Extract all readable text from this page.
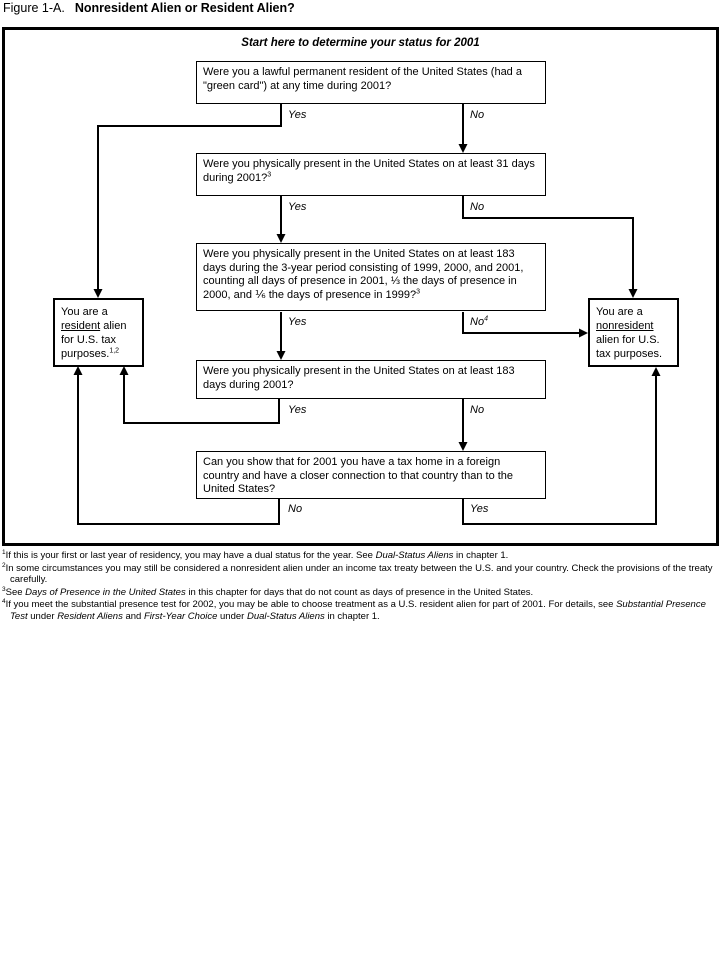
Figure 1-A. Nonresident Alien or Resident Alien?
Start here to determine your status for 2001
Were you a lawful permanent resident of the United States (had a "green card") at any time during 2001?
Were you physically present in the United States on at least 31 days during 2001?$^3$
Were you physically present in the United States on at least 183 days during the 3-year period consisting of 1999, 2000, and 2001, counting all days of presence in 2001, ⅓ the days of presence in 2000, and ⅙ the days of presence in 1999?$^3$
Were you physically present in the United States on at least 183 days during 2001?
Can you show that for 2001 you have a tax home in a foreign country and have a closer connection to that country than to the United States?
You are a resident alien for U.S. tax purposes.$^{1,2}$
You are a nonresident alien for U.S. tax purposes.
Yes	No
Yes	No
Yes	No$^4$
Yes	No
No	Yes
$^1$If this is your first or last year of residency, you may have a dual status for the year. See Dual-Status Aliens in chapter 1.
$^2$In some circumstances you may still be considered a nonresident alien under an income tax treaty between the U.S. and your country. Check the provisions of the treaty carefully.
$^3$See Days of Presence in the United States in this chapter for days that do not count as days of presence in the United States.
$^4$If you meet the substantial presence test for 2002, you may be able to choose treatment as a U.S. resident alien for part of 2001. For details, see Substantial Presence Test under Resident Aliens and First-Year Choice under Dual-Status Aliens in chapter 1.
